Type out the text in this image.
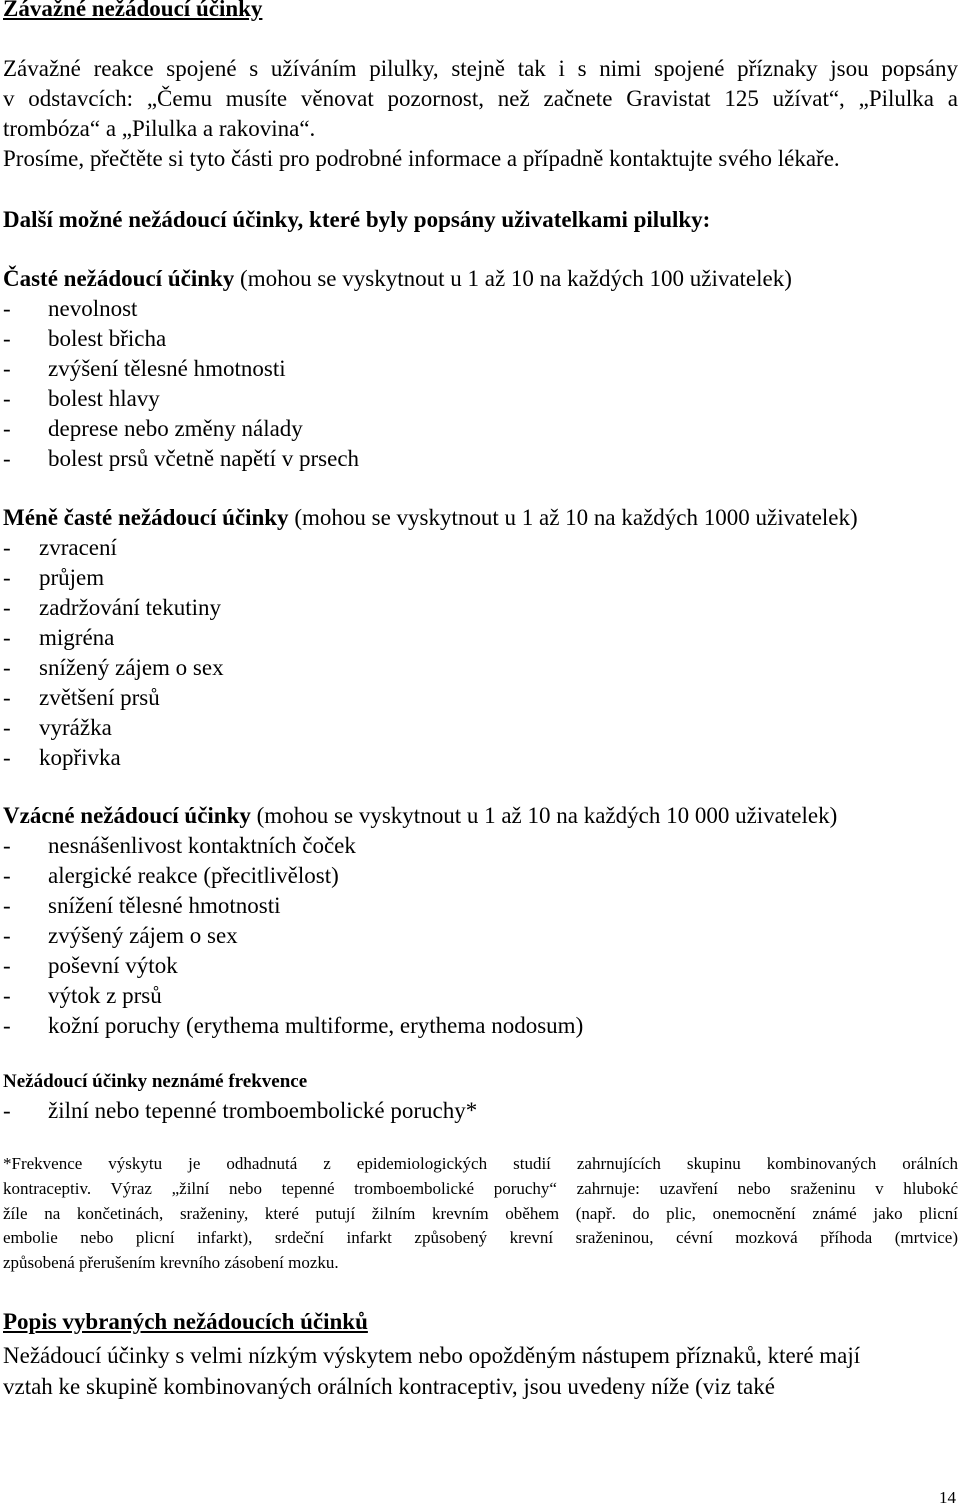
Závažné nežádoucí účinky
Závažné reakce spojené s užíváním pilulky, stejně tak i s nimi spojené příznaky jsou popsány
v odstavcích: „Čemu musíte věnovat pozornost, než začnete Gravistat 125 užívat“, „Pilulka a
trombóza“ a „Pilulka a rakovina“.
Prosíme, přečtěte si tyto části pro podrobné informace a případně kontaktujte svého lékaře.
Další možné nežádoucí účinky, které byly popsány uživatelkami pilulky:
Časté nežádoucí účinky (mohou se vyskytnout u 1 až 10 na každých 100 uživatelek)
- nevolnost
- bolest břicha
- zvýšení tělesné hmotnosti
- bolest hlavy
- deprese nebo změny nálady
- bolest prsů včetně napětí v prsech
Méně časté nežádoucí účinky (mohou se vyskytnout u 1 až 10 na každých 1000 uživatelek)
- zvracení
- průjem
- zadržování tekutiny
- migréna
- snížený zájem o sex
- zvětšení prsů
- vyrážka
- kopřivka
Vzácné nežádoucí účinky (mohou se vyskytnout u 1 až 10 na každých 10 000 uživatelek)
- nesnášenlivost kontaktních čoček
- alergické reakce (přecitlivělost)
- snížení tělesné hmotnosti
- zvýšený zájem o sex
- poševní výtok
- výtok z prsů
- kožní poruchy (erythema multiforme, erythema nodosum)
Nežádoucí účinky neznámé frekvence
- žilní nebo tepenné tromboembolické poruchy*
*Frekvence výskytu je odhadnutá z epidemiologických studií zahrnujících skupinu kombinovaných orálních
kontraceptiv. Výraz „žilní nebo tepenné tromboembolické poruchy“ zahrnuje: uzavření nebo sraženinu v hlubokć
žíle na končetinách, sraženiny, které putují žilním krevním oběhem (např. do plic, onemocnění známé jako plicní
embolie nebo plicní infarkt), srdeční infarkt způsobený krevní sraženinou, cévní mozková příhoda (mrtvice)
způsobená přerušením krevního zásobení mozku.
Popis vybraných nežádoucích účinků
Nežádoucí účinky s velmi nízkým výskytem nebo opožděným nástupem příznaků, které mají
vztah ke skupině kombinovaných orálních kontraceptiv, jsou uvedeny níže (viz také
14
